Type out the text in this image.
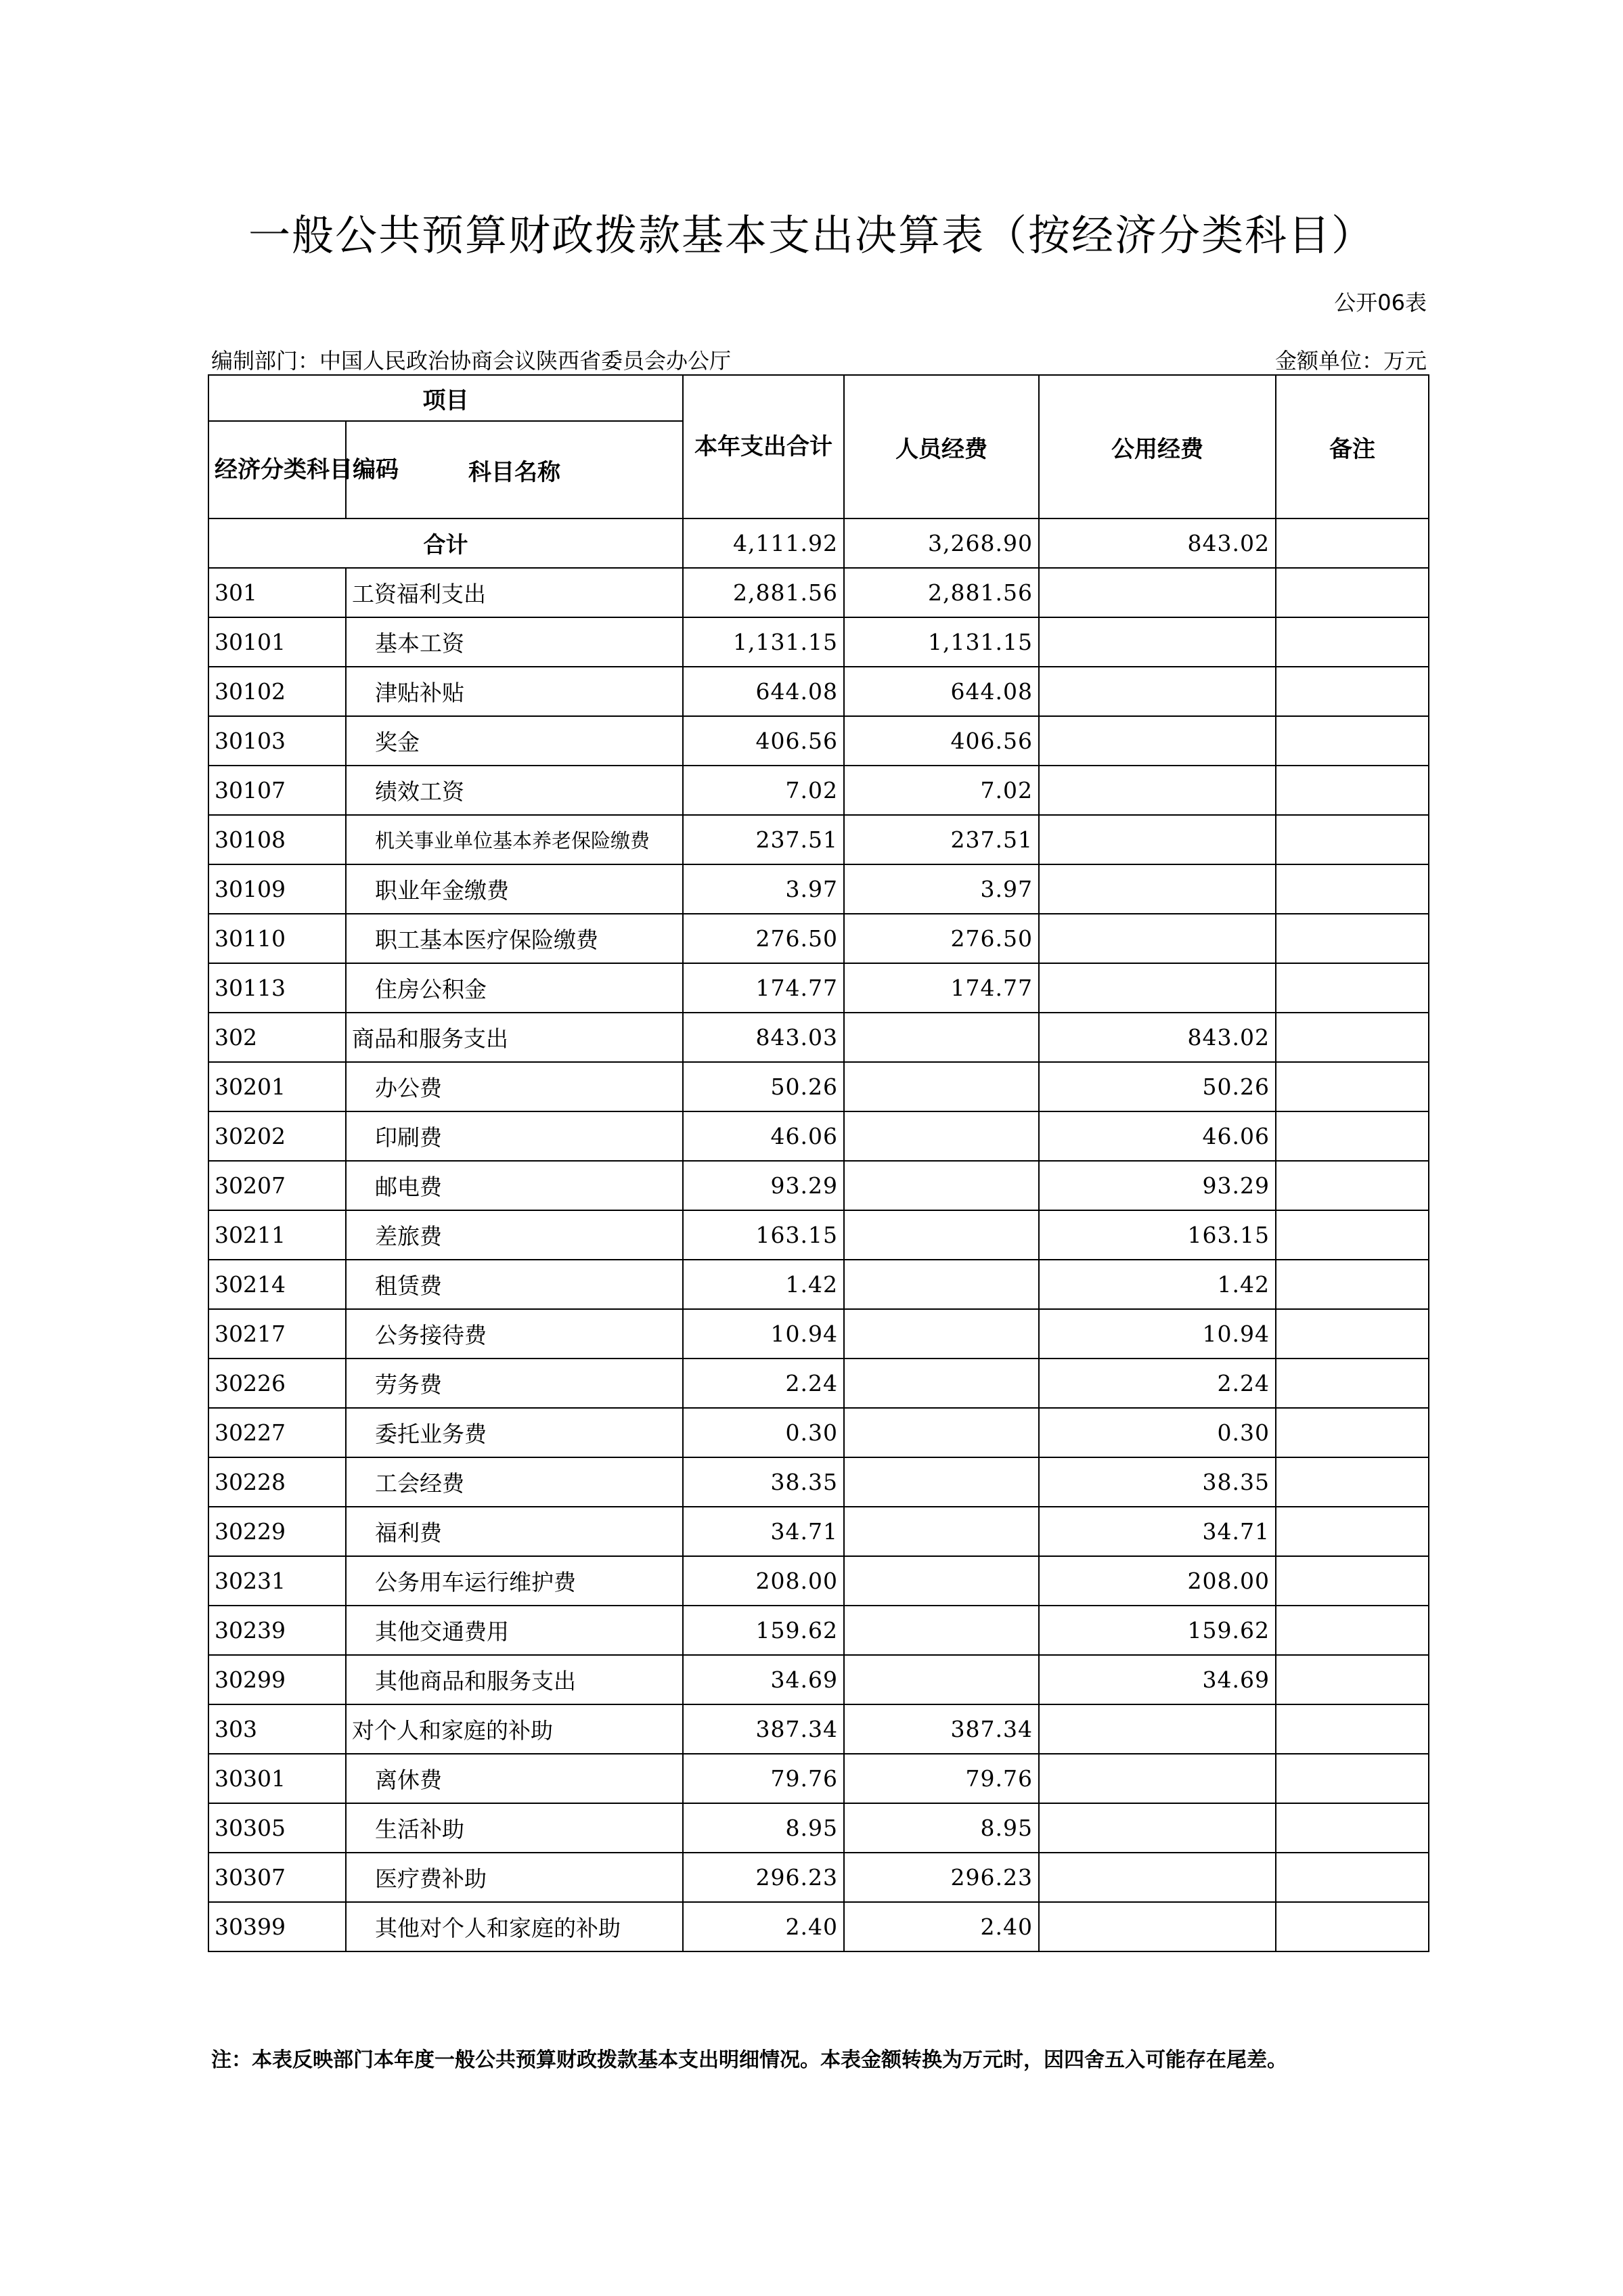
一般公共预算财政拨款基本支出决算表（按经济分类科目）
公开06表
编制部门：中国人民政治协商会议陕西省委员会办公厅	金额单位：万元
项目		本年支出合计	人员经费	公用经费	备注
经济分类科目编码	科目名称				
合计		4,111.92	3,268.90	843.02	
301	工资福利支出	2,881.56	2,881.56		
30101	基本工资	1,131.15	1,131.15		
30102	津贴补贴	644.08	644.08		
30103	奖金	406.56	406.56		
30107	绩效工资	7.02	7.02		
30108	机关事业单位基本养老保险缴费	237.51	237.51		
30109	职业年金缴费	3.97	3.97		
30110	职工基本医疗保险缴费	276.50	276.50		
30113	住房公积金	174.77	174.77		
302	商品和服务支出	843.03		843.02	
30201	办公费	50.26		50.26	
30202	印刷费	46.06		46.06	
30207	邮电费	93.29		93.29	
30211	差旅费	163.15		163.15	
30214	租赁费	1.42		1.42	
30217	公务接待费	10.94		10.94	
30226	劳务费	2.24		2.24	
30227	委托业务费	0.30		0.30	
30228	工会经费	38.35		38.35	
30229	福利费	34.71		34.71	
30231	公务用车运行维护费	208.00		208.00	
30239	其他交通费用	159.62		159.62	
30299	其他商品和服务支出	34.69		34.69	
303	对个人和家庭的补助	387.34	387.34		
30301	离休费	79.76	79.76		
30305	生活补助	8.95	8.95		
30307	医疗费补助	296.23	296.23		
30399	其他对个人和家庭的补助	2.40	2.40		
注：本表反映部门本年度一般公共预算财政拨款基本支出明细情况。本表金额转换为万元时，因四舍五入可能存在尾差。
